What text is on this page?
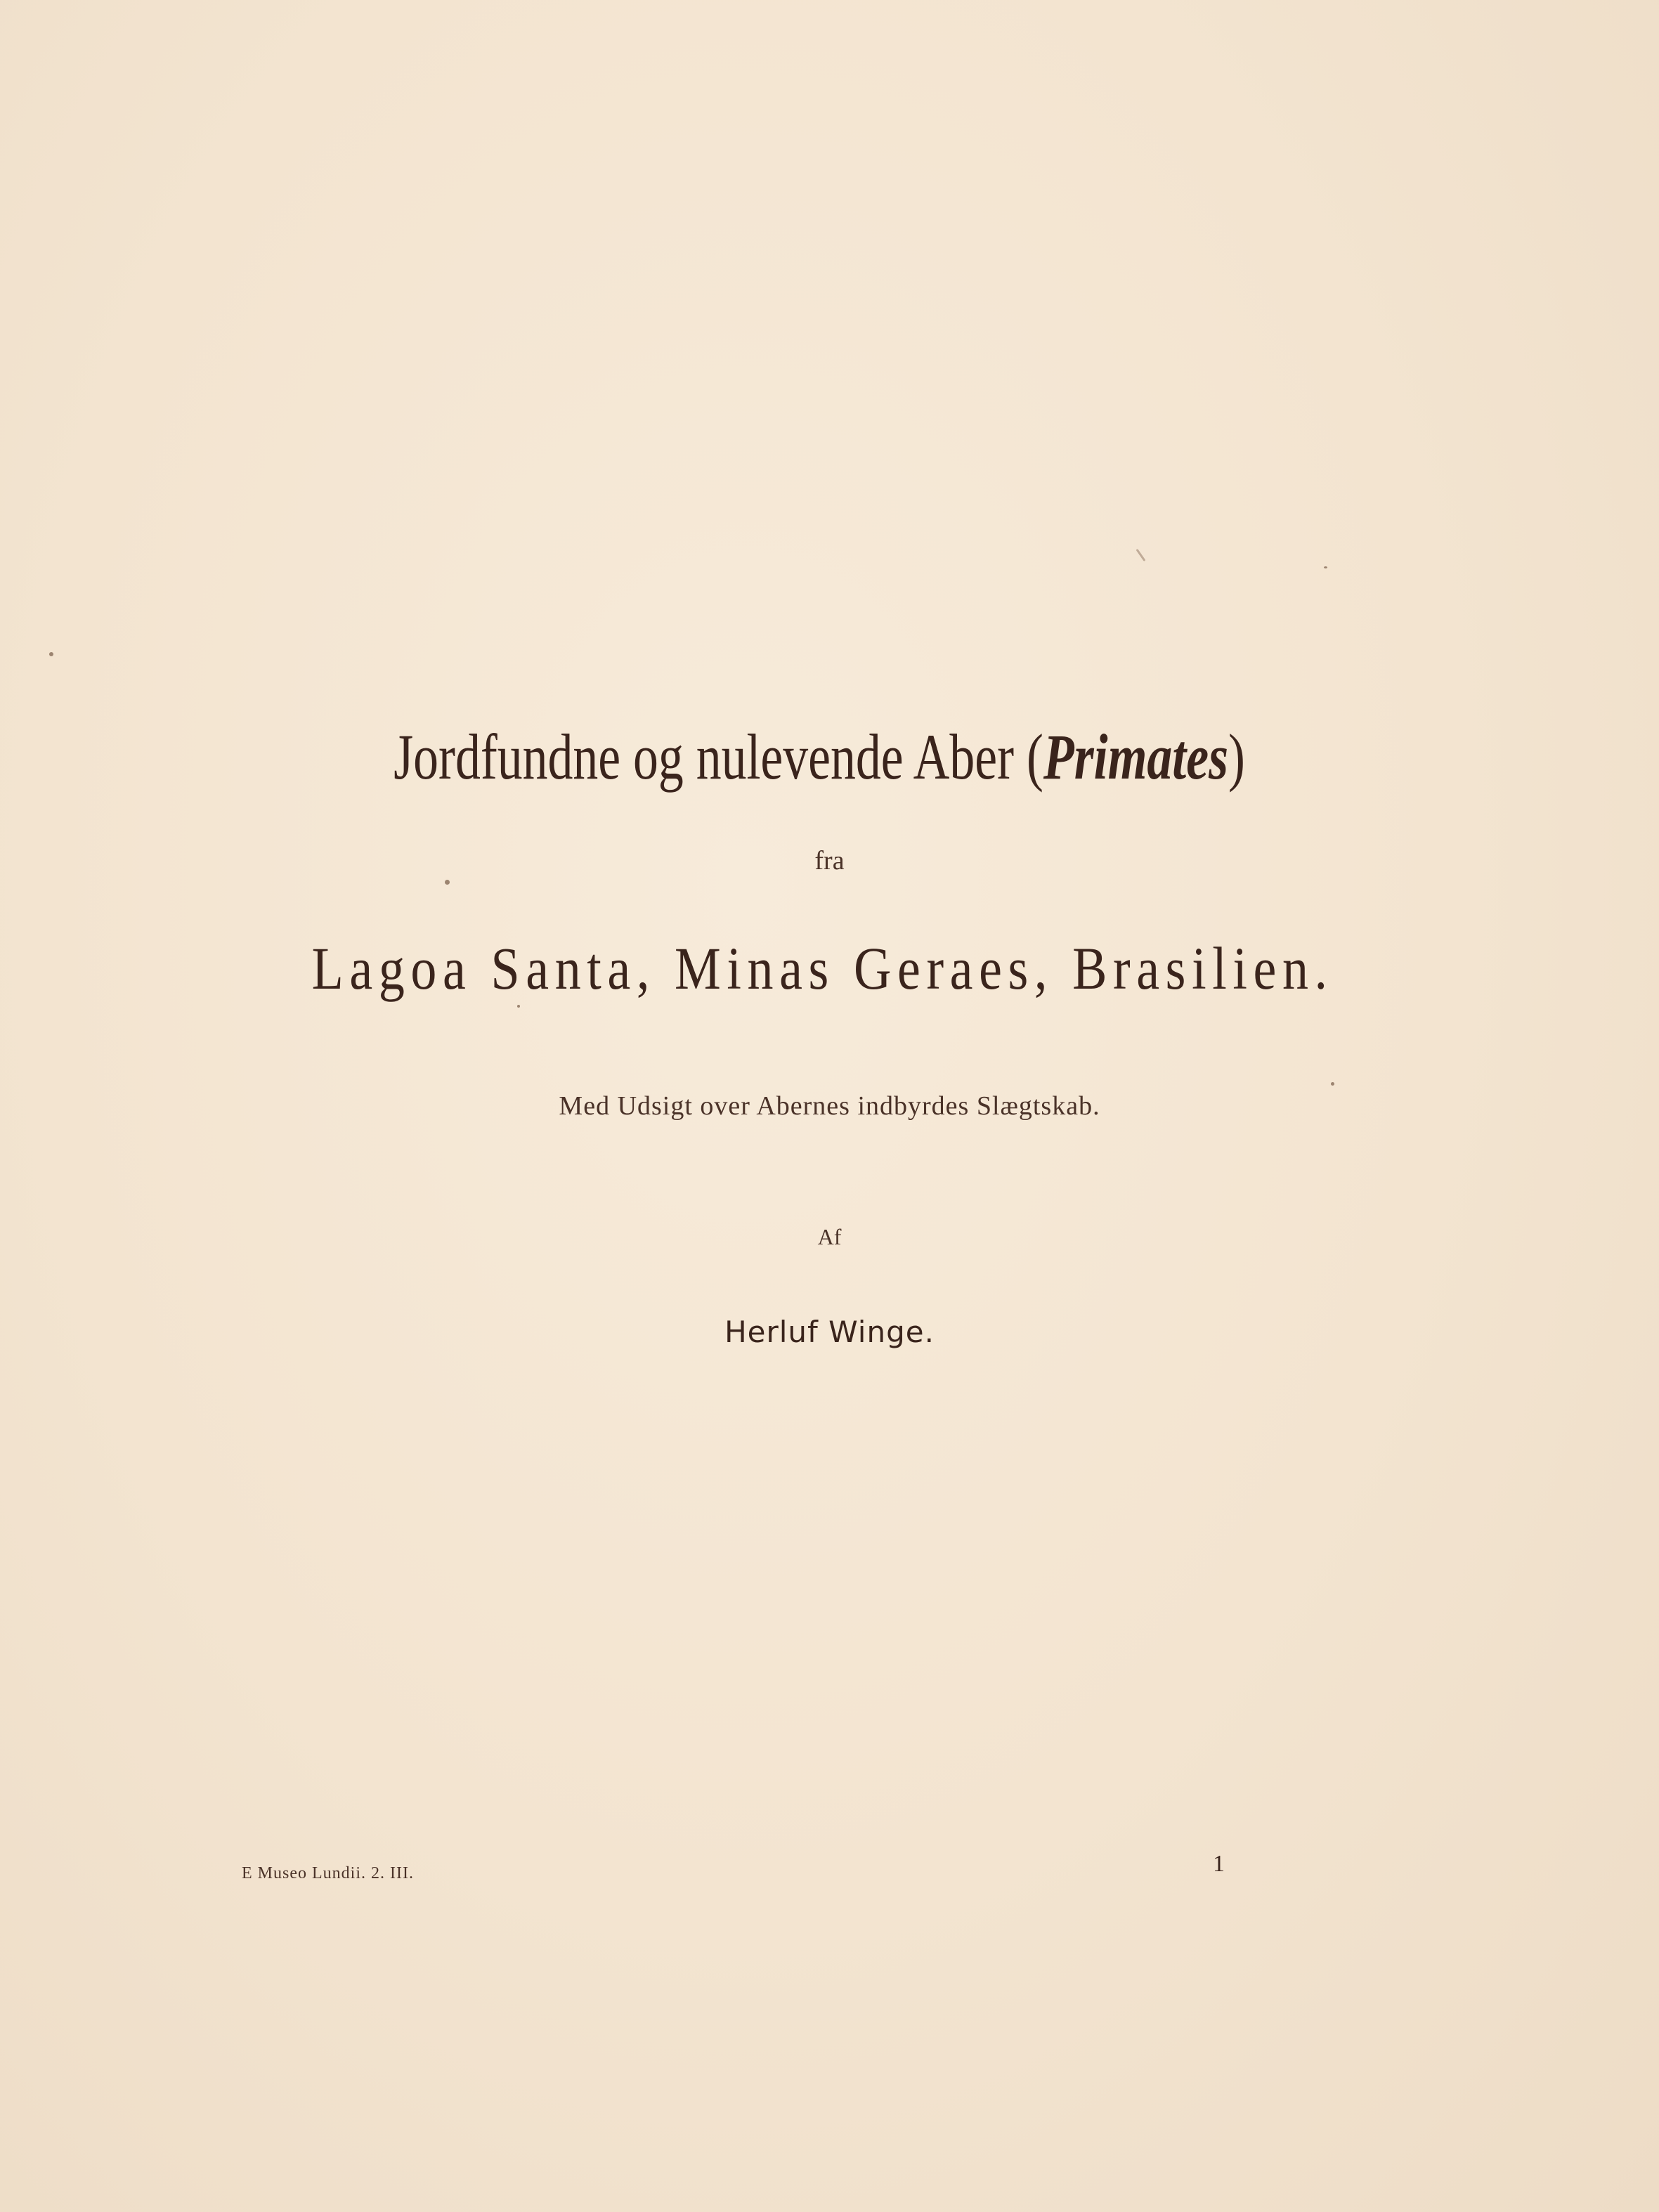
Jordfundne og nulevende Aber (Primates)
fra
Lagoa Santa, Minas Geraes, Brasilien.
Med Udsigt over Abernes indbyrdes Slægtskab.
Af
Herluf Winge.
E Museo Lundii. 2. III.	1
